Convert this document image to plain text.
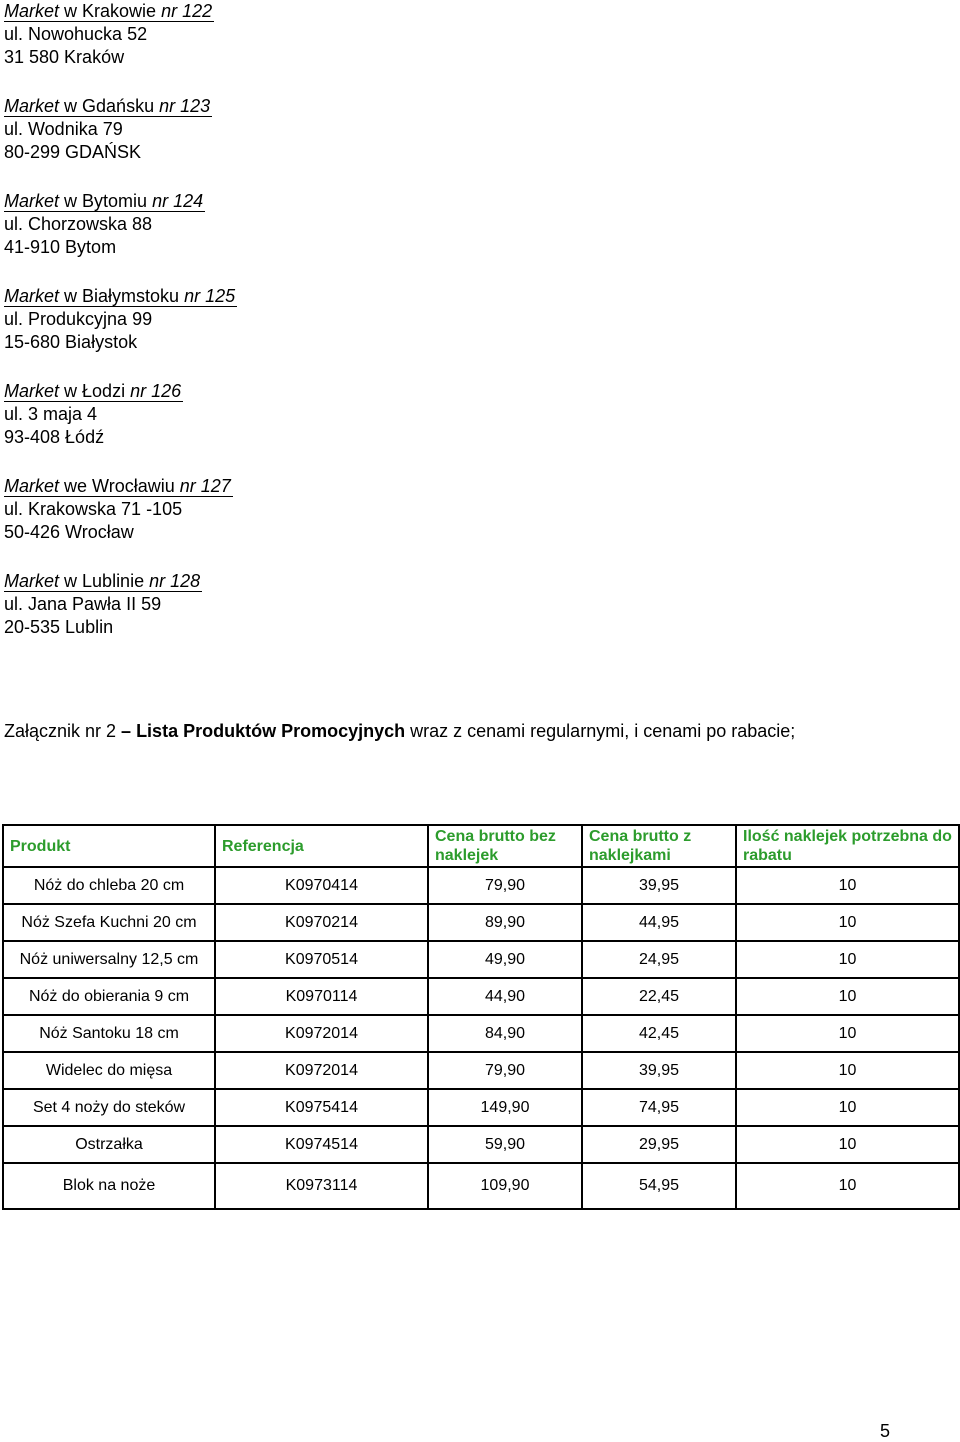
Market w Krakowie nr 122
ul. Nowohucka 52
31 580 Kraków
Market w Gdańsku nr 123
ul. Wodnika 79
80-299 GDAŃSK
Market w Bytomiu nr 124
ul. Chorzowska 88
41-910 Bytom
Market w Białymstoku nr 125
ul. Produkcyjna 99
15-680 Białystok
Market w Łodzi nr 126
ul. 3 maja 4
93-408 Łódź
Market we Wrocławiu nr 127
ul. Krakowska 71 -105
50-426 Wrocław
Market w Lublinie nr 128
ul. Jana Pawła II 59
20-535 Lublin
Załącznik nr 2 – Lista Produktów Promocyjnych wraz z cenami regularnymi, i cenami po rabacie;
Produkt	Referencja	Cena brutto bez naklejek	Cena brutto z naklejkami	Ilość naklejek potrzebna do rabatu
Nóż do chleba 20 cm	K0970414	79,90	39,95	10
Nóż Szefa Kuchni 20 cm	K0970214	89,90	44,95	10
Nóż uniwersalny 12,5 cm	K0970514	49,90	24,95	10
Nóż do obierania 9 cm	K0970114	44,90	22,45	10
Nóż Santoku 18 cm	K0972014	84,90	42,45	10
Widelec do mięsa	K0972014	79,90	39,95	10
Set 4 noży do steków	K0975414	149,90	74,95	10
Ostrzałka	K0974514	59,90	29,95	10
Blok na noże	K0973114	109,90	54,95	10
5
